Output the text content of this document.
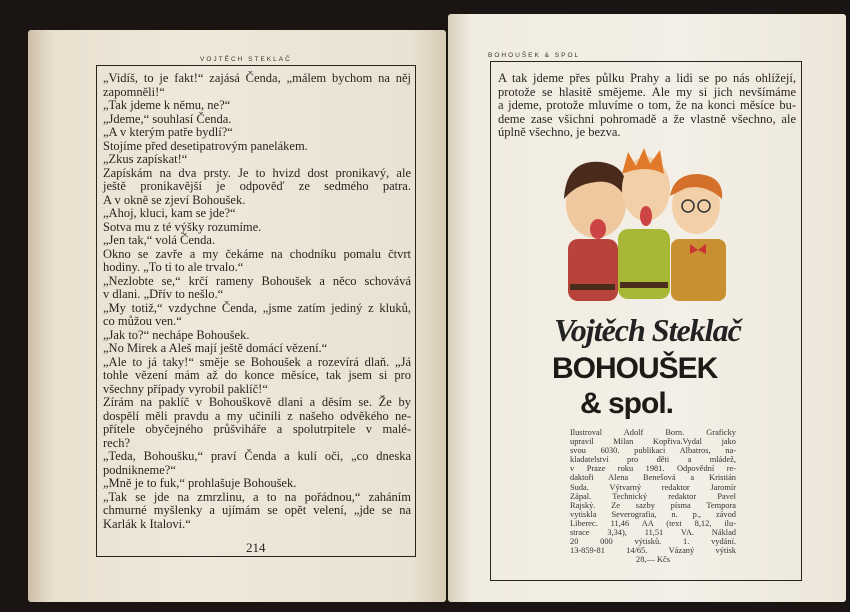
VOJTĚCH STEKLAČ
„Vidíš, to je fakt!“ zajásá Čenda, „málem bychom na něj
zapomněli!“
„Tak jdeme k němu, ne?“
„Jdeme,“ souhlasí Čenda.
„A v kterým patře bydlí?“
Stojíme před desetipatrovým panelákem.
„Zkus zapískat!“
Zapískám na dva prsty. Je to hvizd dost pronikavý, ale
ještě pronikavější je odpověď ze sedmého patra.
A v okně se zjeví Bohoušek.
„Ahoj, kluci, kam se jde?“
Sotva mu z té výšky rozumíme.
„Jen tak,“ volá Čenda.
Okno se zavře a my čekáme na chodníku pomalu čtvrt
hodiny. „To ti to ale trvalo.“
„Nezlobte se,“ krčí rameny Bohoušek a něco schovává
v dlani. „Dřív to nešlo.“
„My totiž,“ vzdychne Čenda, „jsme zatím jediný z kluků,
co můžou ven.“
„Jak to?“ nechápe Bohoušek.
„No Mirek a Aleš mají ještě domácí vězení.“
„Ale to já taky!“ směje se Bohoušek a rozevírá dlaň. „Já
tohle vězení mám až do konce měsíce, tak jsem si pro
všechny případy vyrobil paklíč!“
Zírám na paklíč v Bohouškově dlani a děsím se. Že by
dospělí měli pravdu a my učinili z našeho odvěkého ne-
přítele obyčejného průšviháře a spolutrpitele v malé-
rech?
„Teda, Bohoušku,“ praví Čenda a kulí oči, „co dneska
podnikneme?“
„Mně je to fuk,“ prohlašuje Bohoušek.
„Tak se jde na zmrzlinu, a to na pořádnou,“ zaháním
chmurné myšlenky a ujímám se opět velení, „jde se na
Karlák k Italovi.“
214
BOHOUŠEK & SPOL
A tak jdeme přes půlku Prahy a lidi se po nás ohlížejí,
protože se hlasitě smějeme. Ale my si jich nevšímáme
a jdeme, protože mluvíme o tom, že na konci měsíce bu-
deme zase všichni pohromadě a že vlastně všechno, ale
úplně všechno, je bezva.
Vojtěch Steklač
BOHOUŠEK
& spol.
Ilustroval Adolf Born. Graficky
upravil Milan Kopřiva.Vydal jako
svou 6030. publikaci Albatros, na-
kladatelství pro děti a mládež,
v Praze roku 1981. Odpovědní re-
daktoři Alena Benešová a Kristián
Suda. Výtvarný redaktor Jaromír
Zápal. Technický redaktor Pavel
Rajský. Ze sazby písma Tempora
vytiskla Severografia, n. p., závod
Liberec. 11,46 AA (text 8,12, ilu-
strace 3,34), 11,51 VA. Náklad
20 000 výtisků. 1. vydání.
13-859-81 14/65. Vázaný výtisk
28,— Kčs
